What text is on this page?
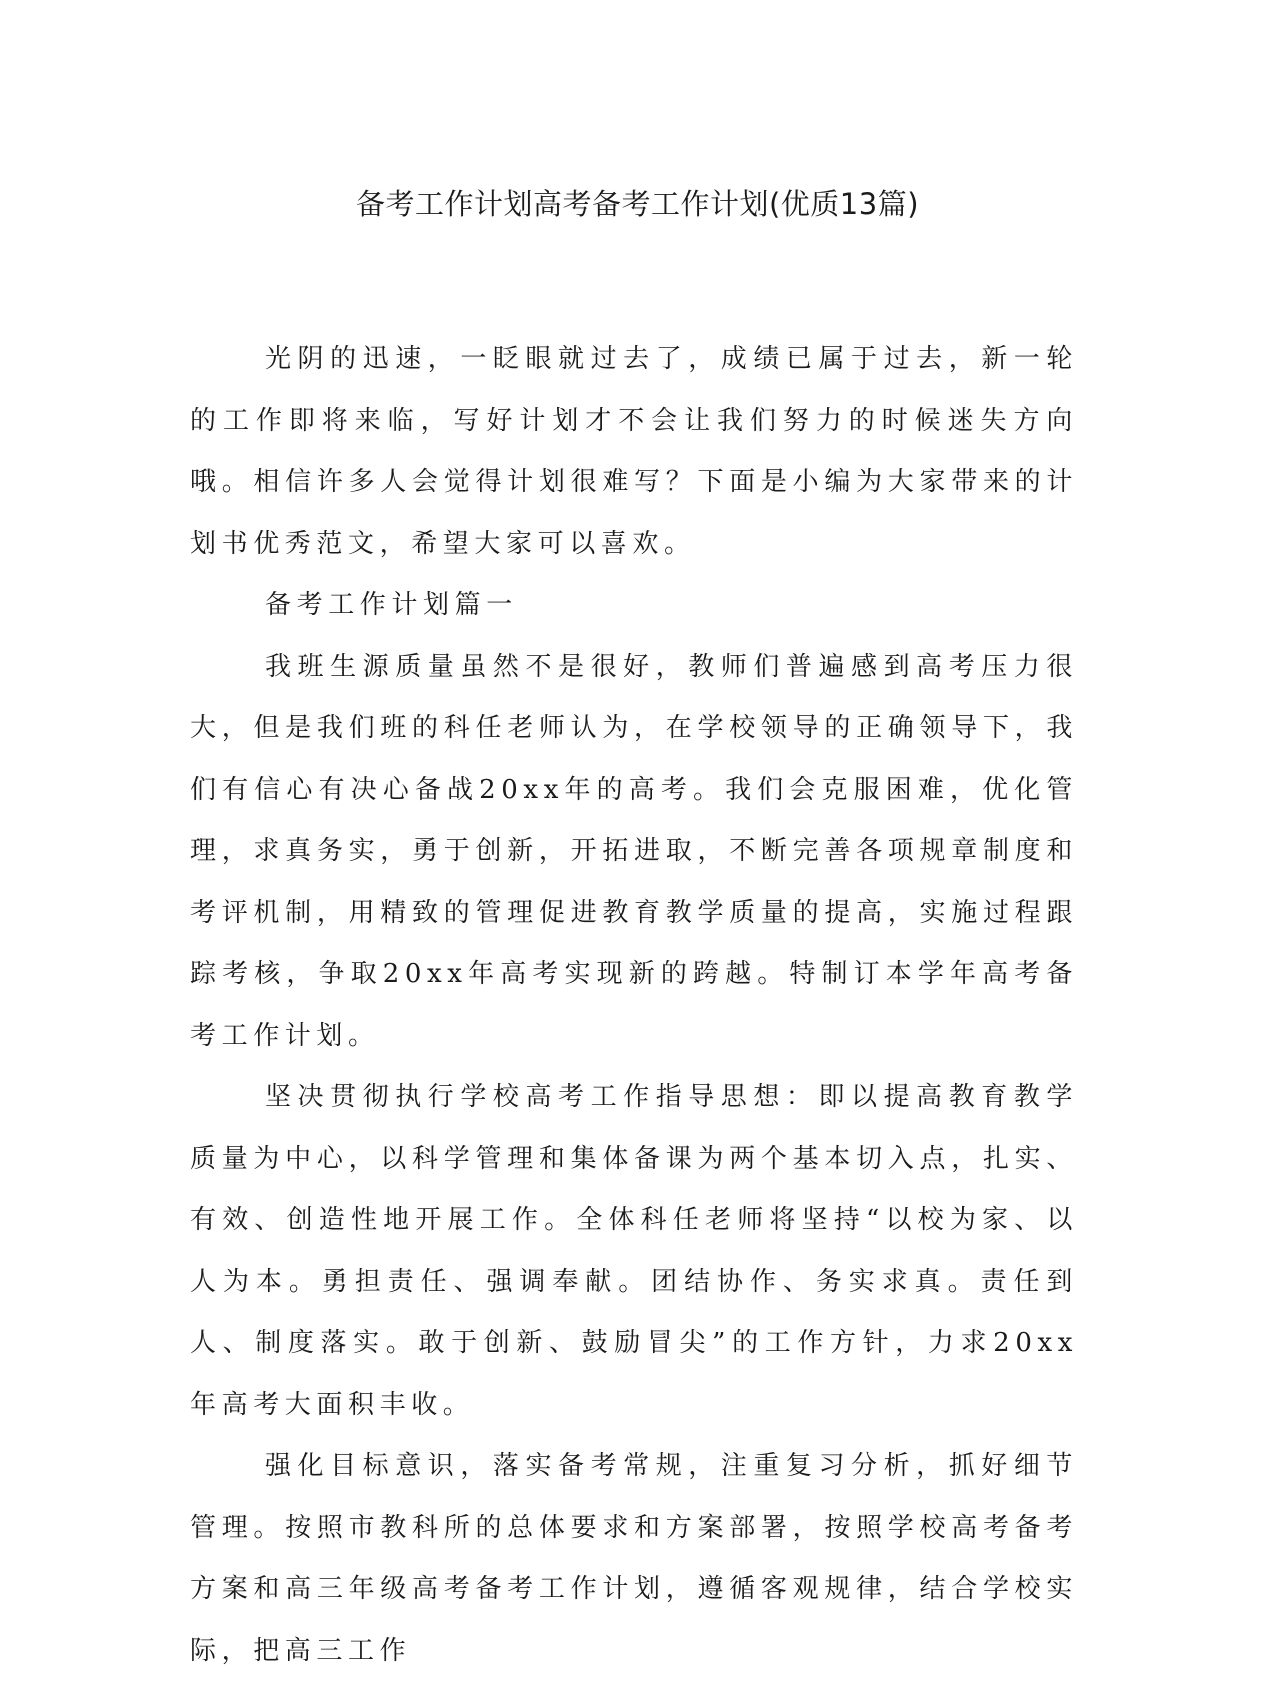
备考工作计划高考备考工作计划(优质13篇)

光阴的迅速，一眨眼就过去了，成绩已属于过去，新一轮的工作即将来临，写好计划才不会让我们努力的时候迷失方向哦。相信许多人会觉得计划很难写？下面是小编为大家带来的计划书优秀范文，希望大家可以喜欢。

备考工作计划篇一

我班生源质量虽然不是很好，教师们普遍感到高考压力很大，但是我们班的科任老师认为，在学校领导的正确领导下，我们有信心有决心备战20xx年的高考。我们会克服困难，优化管理，求真务实，勇于创新，开拓进取，不断完善各项规章制度和考评机制，用精致的管理促进教育教学质量的提高，实施过程跟踪考核，争取20xx年高考实现新的跨越。特制订本学年高考备考工作计划。

坚决贯彻执行学校高考工作指导思想：即以提高教育教学质量为中心，以科学管理和集体备课为两个基本切入点，扎实、有效、创造性地开展工作。全体科任老师将坚持“以校为家、以人为本。勇担责任、强调奉献。团结协作、务实求真。责任到人、制度落实。敢于创新、鼓励冒尖”的工作方针，力求20xx年高考大面积丰收。

强化目标意识，落实备考常规，注重复习分析，抓好细节管理。按照市教科所的总体要求和方案部署，按照学校高考备考方案和高三年级高考备考工作计划，遵循客观规律，结合学校实际，把高三工作
